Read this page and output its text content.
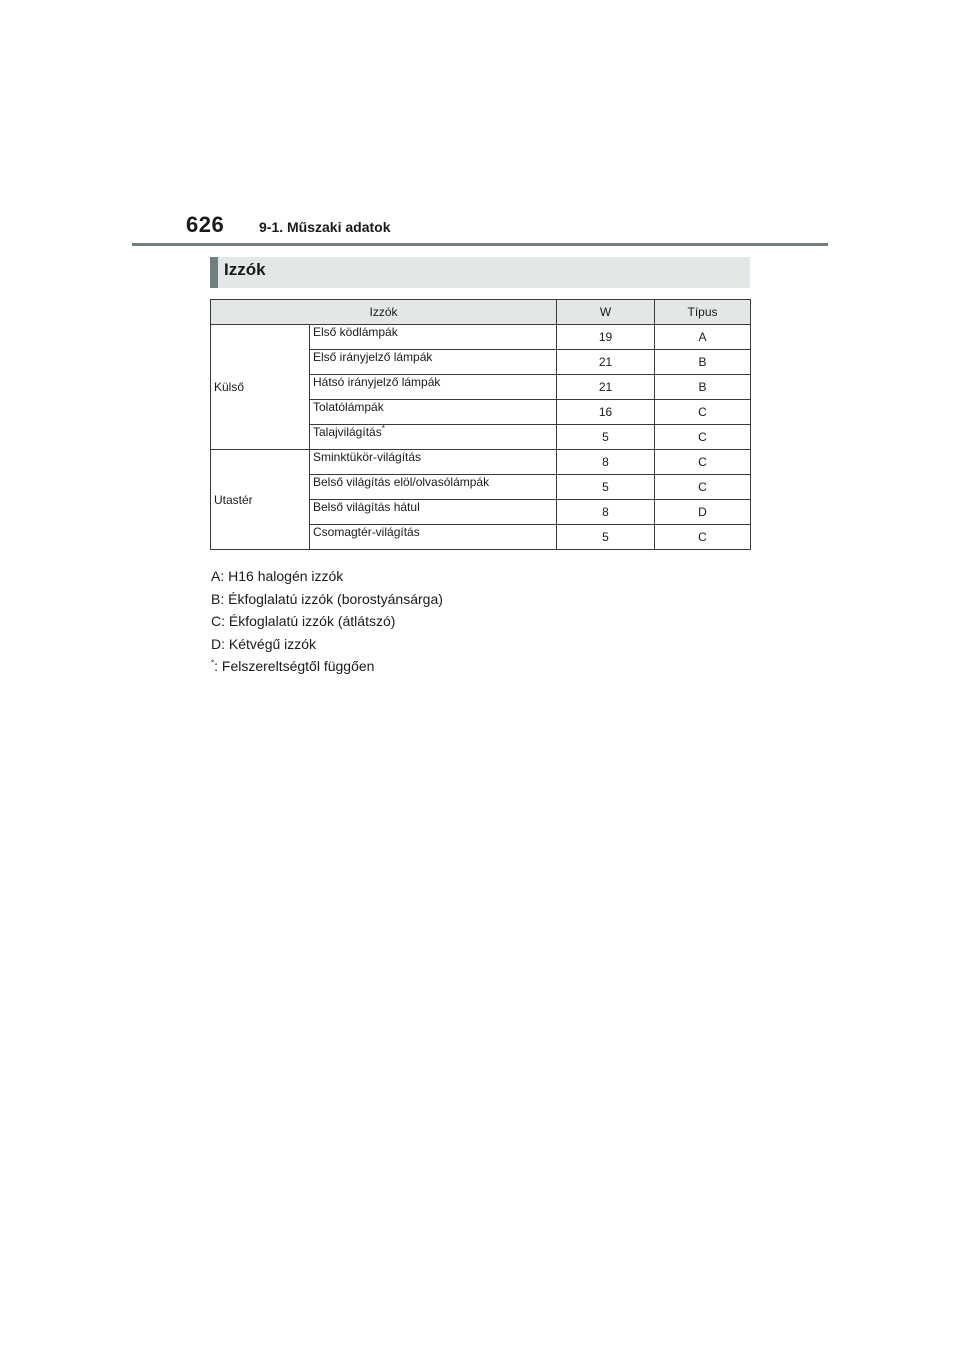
626 9-1. Műszaki adatok
Izzók
Izzók		W	Típus
Külső	Első ködlámpák	19	A
	Első irányjelző lámpák	21	B
	Hátsó irányjelző lámpák	21	B
	Tolatólámpák	16	C
	Talajvilágítás*	5	C
Utastér	Sminktükör-világítás	8	C
	Belső világítás elöl/olvasólámpák	5	C
	Belső világítás hátul	8	D
	Csomagtér-világítás	5	C
A: H16 halogén izzók
B: Ékfoglalatú izzók (borostyánsárga)
C: Ékfoglalatú izzók (átlátszó)
D: Kétvégű izzók
*: Felszereltségtől függően
